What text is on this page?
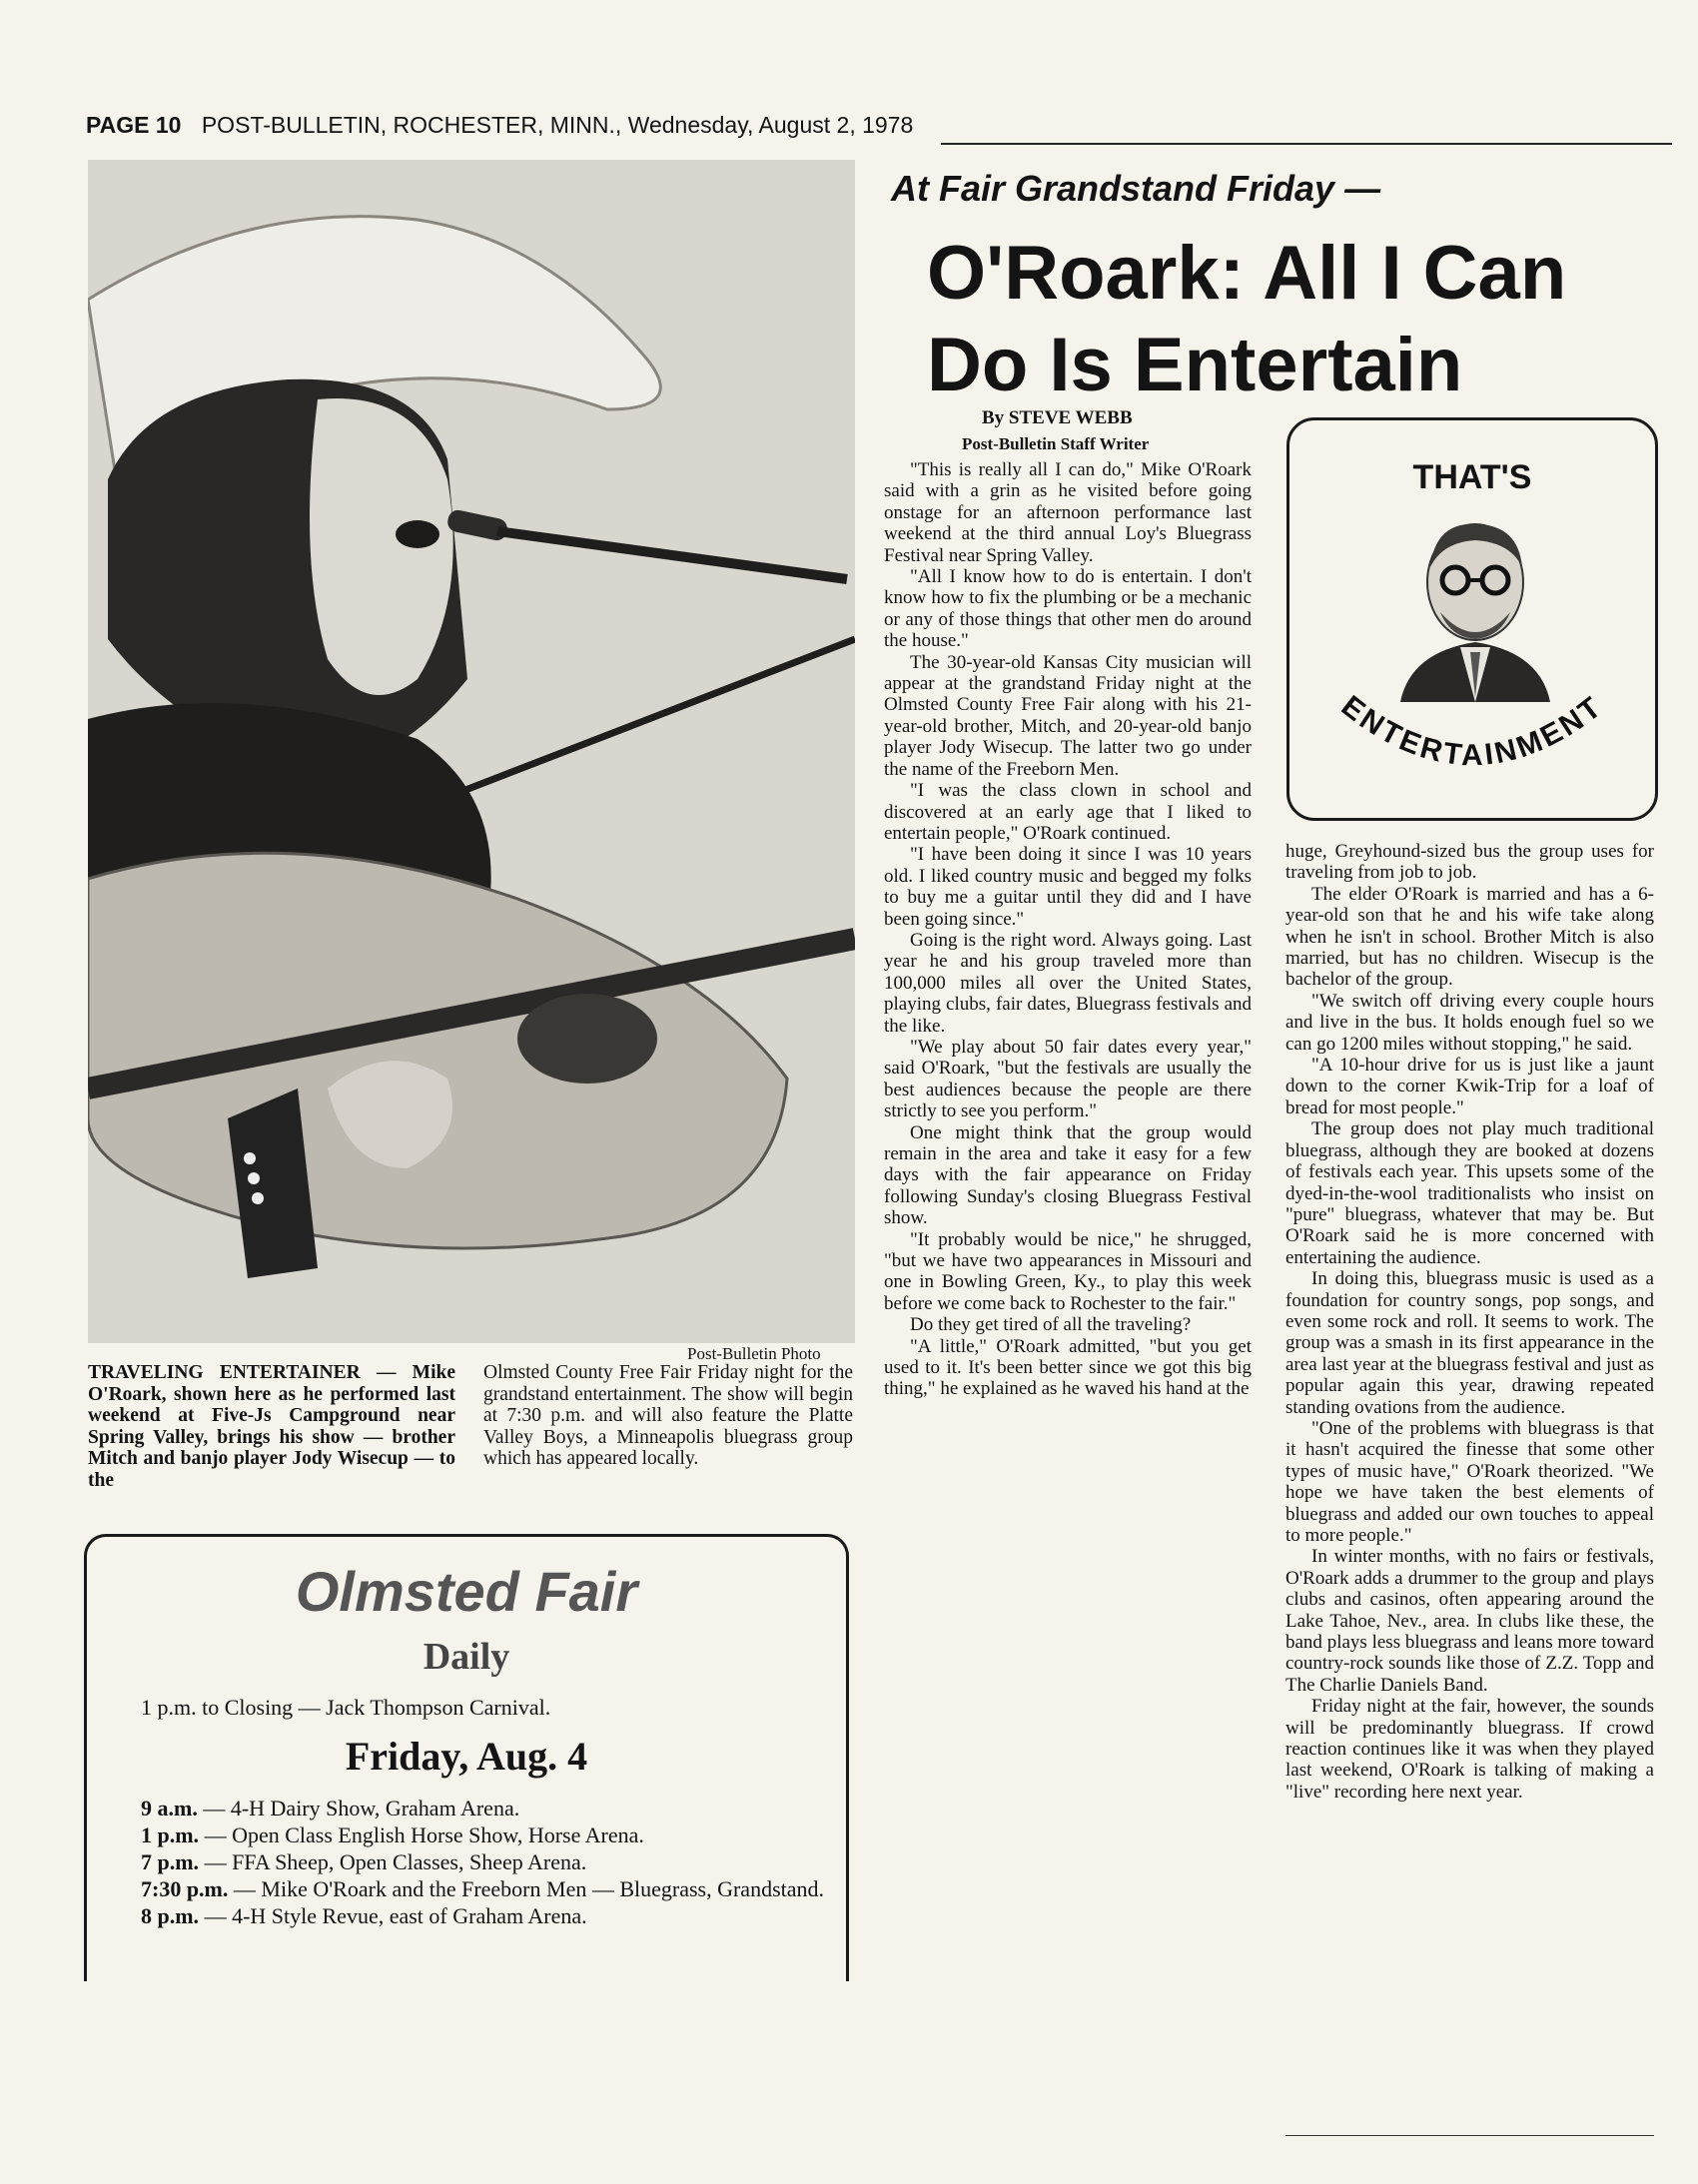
PAGE 10 POST-BULLETIN, ROCHESTER, MINN., Wednesday, August 2, 1978
Post-Bulletin Photo
TRAVELING ENTERTAINER — Mike O'Roark, shown here as he performed last weekend at Five-Js Campground near Spring Valley, brings his show — brother Mitch and banjo player Jody Wisecup — to the
Olmsted County Free Fair Friday night for the grandstand entertainment. The show will begin at 7:30 p.m. and will also feature the Platte Valley Boys, a Minneapolis bluegrass group which has appeared locally.
Olmsted Fair
Daily
1 p.m. to Closing — Jack Thompson Carnival.
Friday, Aug. 4
9 a.m. — 4-H Dairy Show, Graham Arena.
1 p.m. — Open Class English Horse Show, Horse Arena.
7 p.m. — FFA Sheep, Open Classes, Sheep Arena.
7:30 p.m. — Mike O'Roark and the Freeborn Men — Bluegrass, Grandstand.
8 p.m. — 4-H Style Revue, east of Graham Arena.
At Fair Grandstand Friday —
O'Roark: All I Can Do Is Entertain
By STEVE WEBB
Post-Bulletin Staff Writer

"This is really all I can do," Mike O'Roark said with a grin as he visited before going onstage for an afternoon performance last weekend at the third annual Loy's Bluegrass Festival near Spring Valley.

"All I know how to do is entertain. I don't know how to fix the plumbing or be a mechanic or any of those things that other men do around the house."

The 30-year-old Kansas City musician will appear at the grandstand Friday night at the Olmsted County Free Fair along with his 21-year-old brother, Mitch, and 20-year-old banjo player Jody Wisecup. The latter two go under the name of the Freeborn Men.

"I was the class clown in school and discovered at an early age that I liked to entertain people," O'Roark continued.

"I have been doing it since I was 10 years old. I liked country music and begged my folks to buy me a guitar until they did and I have been going since."

Going is the right word. Always going. Last year he and his group traveled more than 100,000 miles all over the United States, playing clubs, fair dates, Bluegrass festivals and the like.

"We play about 50 fair dates every year," said O'Roark, "but the festivals are usually the best audiences because the people are there strictly to see you perform."

One might think that the group would remain in the area and take it easy for a few days with the fair appearance on Friday following Sunday's closing Bluegrass Festival show.

"It probably would be nice," he shrugged, "but we have two appearances in Missouri and one in Bowling Green, Ky., to play this week before we come back to Rochester to the fair."

Do they get tired of all the traveling?

"A little," O'Roark admitted, "but you get used to it. It's been better since we got this big thing," he explained as he waved his hand at the

THAT'S
ENTERTAINMENT

huge, Greyhound-sized bus the group uses for traveling from job to job.

The elder O'Roark is married and has a 6-year-old son that he and his wife take along when he isn't in school. Brother Mitch is also married, but has no children. Wisecup is the bachelor of the group.

"We switch off driving every couple hours and live in the bus. It holds enough fuel so we can go 1200 miles without stopping," he said.

"A 10-hour drive for us is just like a jaunt down to the corner Kwik-Trip for a loaf of bread for most people."

The group does not play much traditional bluegrass, although they are booked at dozens of festivals each year. This upsets some of the dyed-in-the-wool traditionalists who insist on "pure" bluegrass, whatever that may be. But O'Roark said he is more concerned with entertaining the audience.

In doing this, bluegrass music is used as a foundation for country songs, pop songs, and even some rock and roll. It seems to work. The group was a smash in its first appearance in the area last year at the bluegrass festival and just as popular again this year, drawing repeated standing ovations from the audience.

"One of the problems with bluegrass is that it hasn't acquired the finesse that some other types of music have," O'Roark theorized. "We hope we have taken the best elements of bluegrass and added our own touches to appeal to more people."

In winter months, with no fairs or festivals, O'Roark adds a drummer to the group and plays clubs and casinos, often appearing around the Lake Tahoe, Nev., area. In clubs like these, the band plays less bluegrass and leans more toward country-rock sounds like those of Z.Z. Topp and The Charlie Daniels Band.

Friday night at the fair, however, the sounds will be predominantly bluegrass. If crowd reaction continues like it was when they played last weekend, O'Roark is talking of making a "live" recording here next year.
